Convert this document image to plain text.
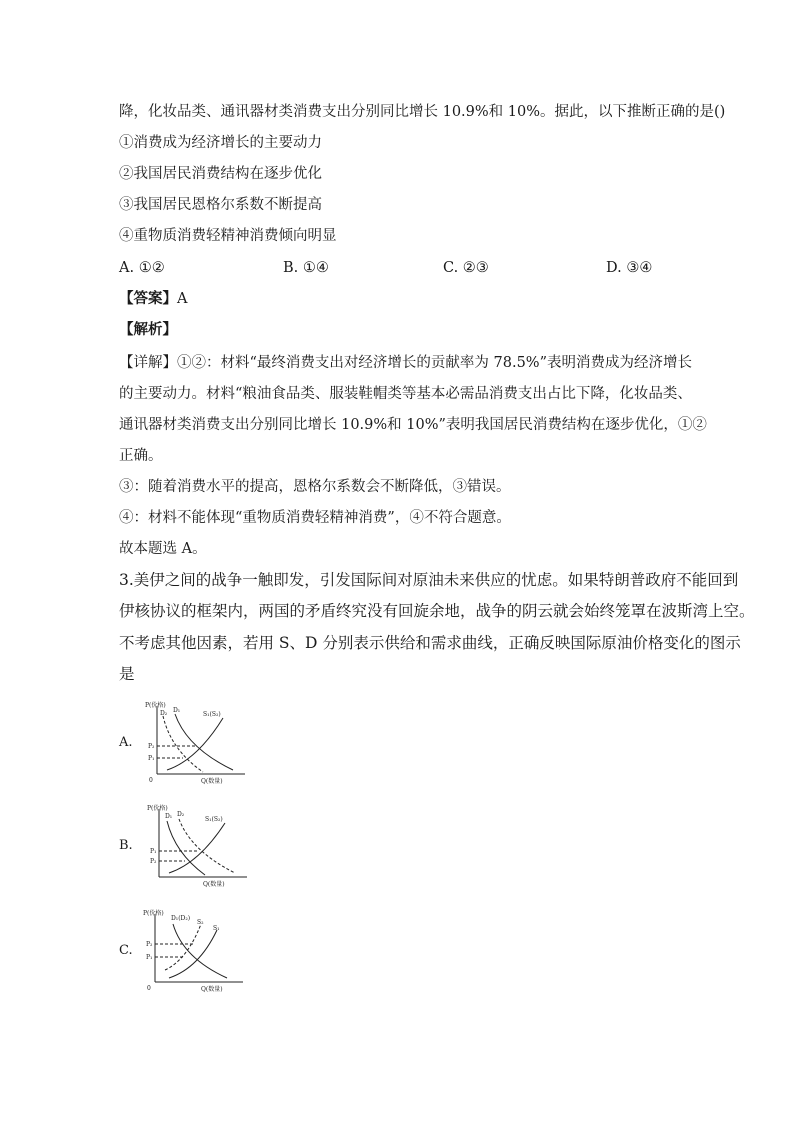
降，化妆品类、通讯器材类消费支出分别同比增长 10.9%和 10%。据此，以下推断正确的是()
①消费成为经济增长的主要动力
②我国居民消费结构在逐步优化
③我国居民恩格尔系数不断提高
④重物质消费轻精神消费倾向明显
A. ①②	B. ①④	C. ②③	D. ③④
【答案】A
【解析】
【详解】①②：材料“最终消费支出对经济增长的贡献率为 78.5%”表明消费成为经济增长
的主要动力。材料“粮油食品类、服装鞋帽类等基本必需品消费支出占比下降，化妆品类、
通讯器材类消费支出分别同比增长 10.9%和 10%”表明我国居民消费结构在逐步优化，①②
正确。
③：随着消费水平的提高，恩格尔系数会不断降低，③错误。
④：材料不能体现“重物质消费轻精神消费”，④不符合题意。
故本题选 A。
3.美伊之间的战争一触即发，引发国际间对原油未来供应的忧虑。如果特朗普政府不能回到
伊核协议的框架内，两国的矛盾终究没有回旋余地，战争的阴云就会始终笼罩在波斯湾上空。
不考虑其他因素，若用 S、D 分别表示供给和需求曲线，正确反映国际原油价格变化的图示
是
A.
P(价格)
0	Q(数量)
D₂ D₁
S₁(S₂)
P₂
P₁
B.
P(价格)
Q(数量)
D₁ D₂
S₁(S₂)
P₁
P₂
C.
P(价格)
0	Q(数量)
D₁(D₂)
S₂
S₁
P₂
P₁
